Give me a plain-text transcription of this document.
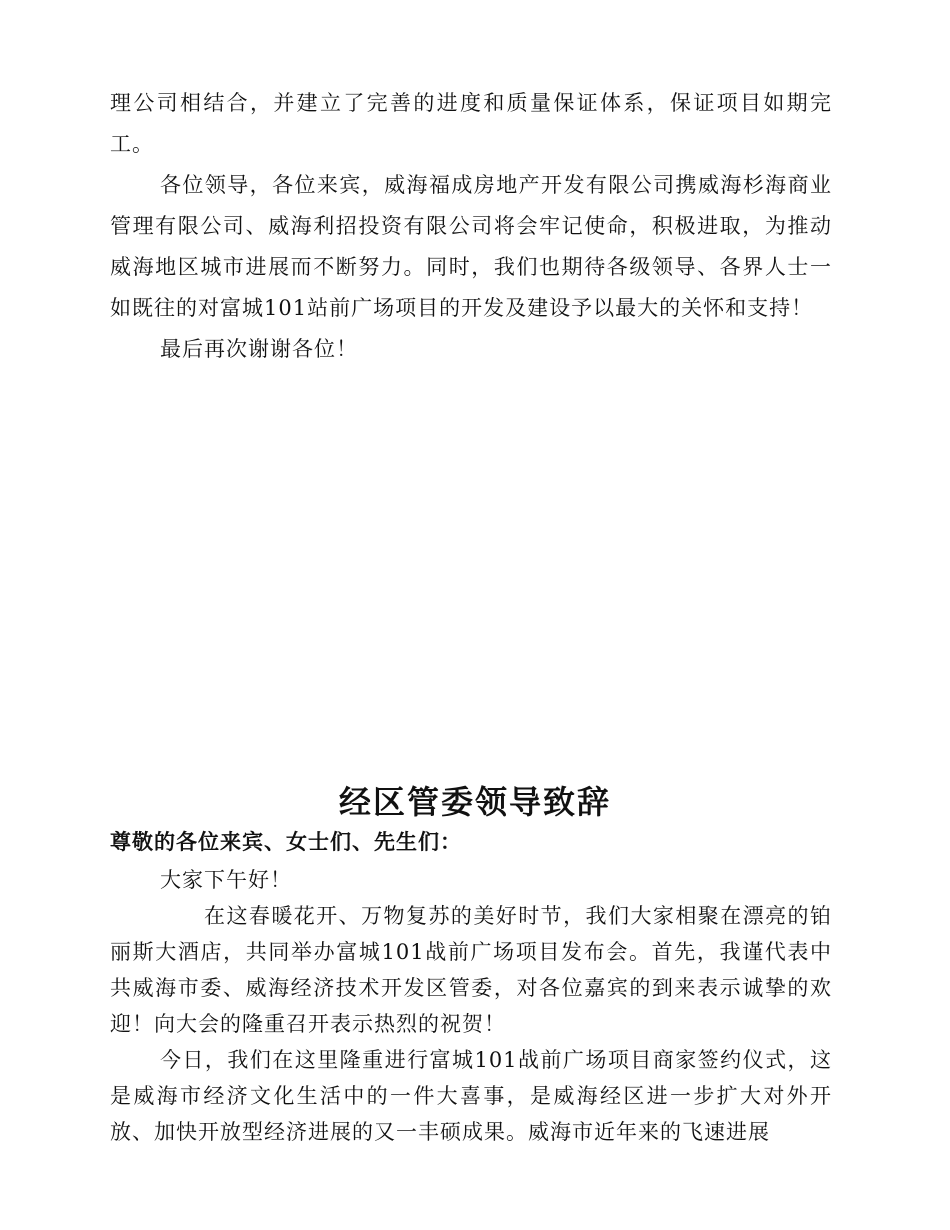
理公司相结合，并建立了完善的进度和质量保证体系，保证项目如期完工。

各位领导，各位来宾，威海福成房地产开发有限公司携威海杉海商业管理有限公司、威海利招投资有限公司将会牢记使命，积极进取，为推动威海地区城市进展而不断努力。同时，我们也期待各级领导、各界人士一如既往的对富城101站前广场项目的开发及建设予以最大的关怀和支持！

最后再次谢谢各位！

经区管委领导致辞

尊敬的各位来宾、女士们、先生们：

大家下午好！

在这春暖花开、万物复苏的美好时节，我们大家相聚在漂亮的铂丽斯大酒店，共同举办富城101战前广场项目发布会。首先，我谨代表中共威海市委、威海经济技术开发区管委，对各位嘉宾的到来表示诚挚的欢迎！向大会的隆重召开表示热烈的祝贺！

今日，我们在这里隆重进行富城101战前广场项目商家签约仪式，这是威海市经济文化生活中的一件大喜事，是威海经区进一步扩大对外开放、加快开放型经济进展的又一丰硕成果。威海市近年来的飞速进展
